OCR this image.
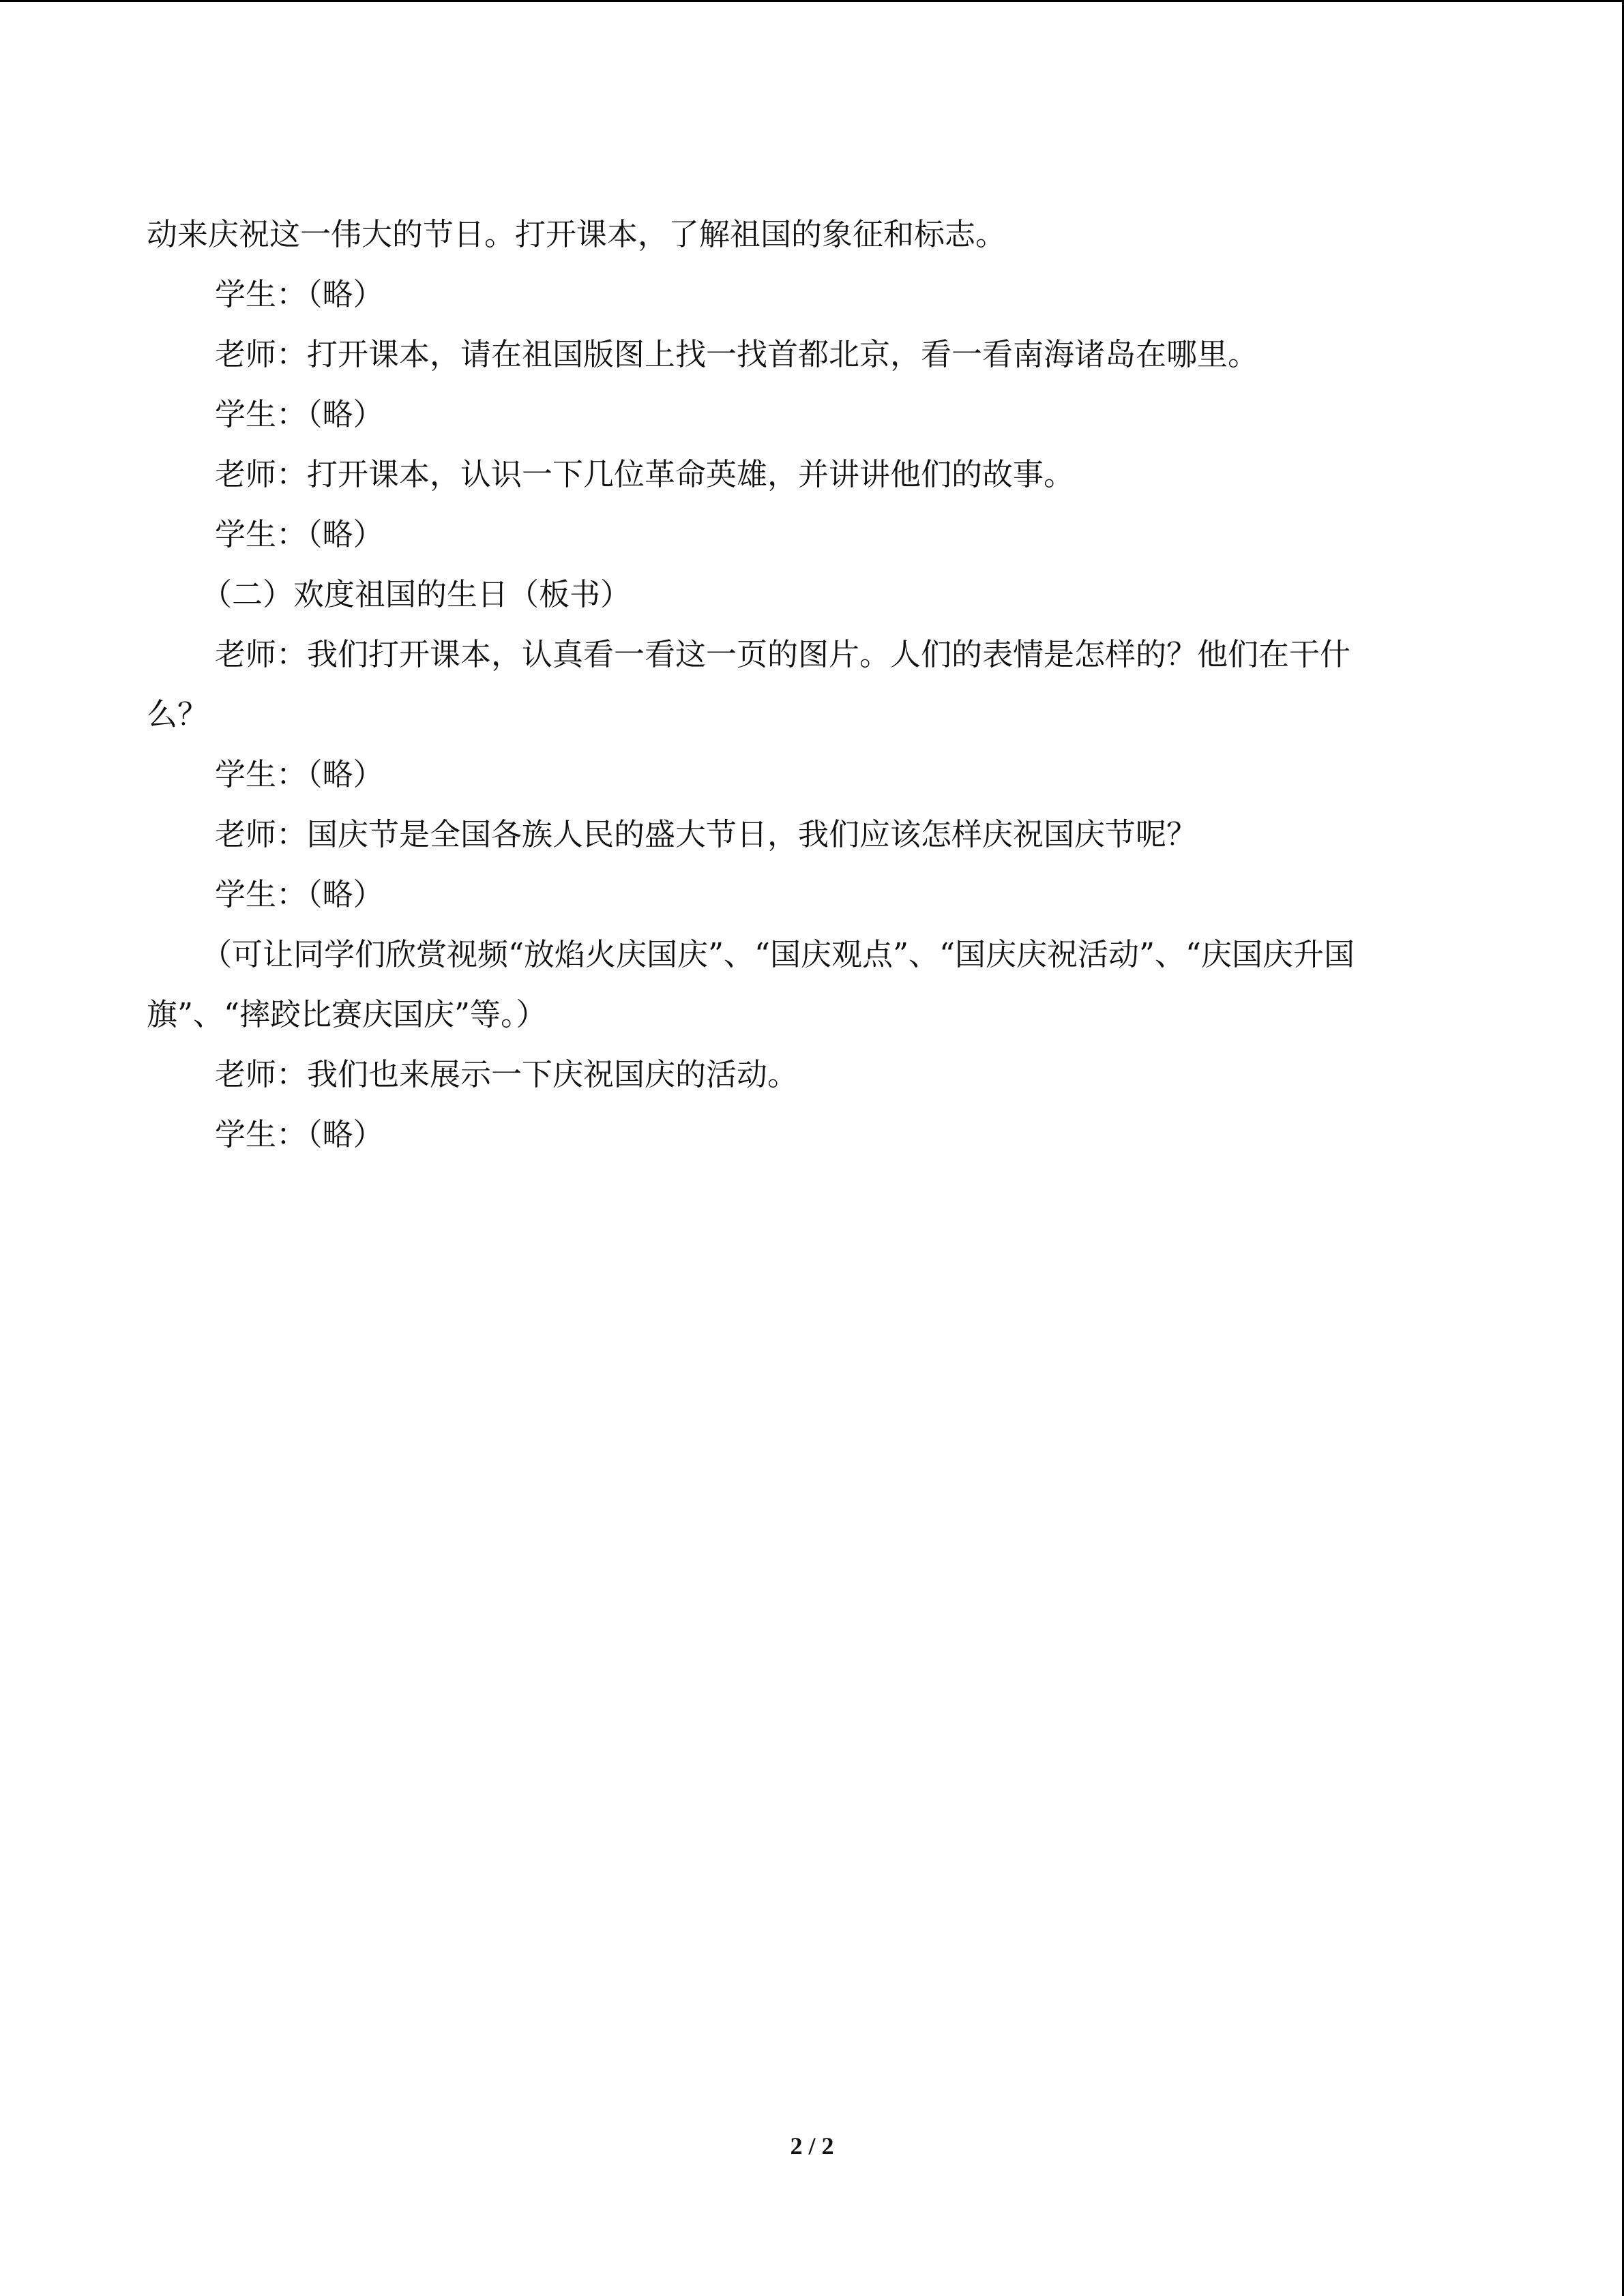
动来庆祝这一伟大的节日。打开课本，了解祖国的象征和标志。
学生：（略）
老师：打开课本，请在祖国版图上找一找首都北京，看一看南海诸岛在哪里。
学生：（略）
老师：打开课本，认识一下几位革命英雄，并讲讲他们的故事。
学生：（略）
（二）欢度祖国的生日（板书）
老师：我们打开课本，认真看一看这一页的图片。人们的表情是怎样的？他们在干什
么？
学生：（略）
老师：国庆节是全国各族人民的盛大节日，我们应该怎样庆祝国庆节呢？
学生：（略）
（可让同学们欣赏视频“放焰火庆国庆”、“国庆观点”、“国庆庆祝活动”、“庆国庆升国
旗”、“摔跤比赛庆国庆”等。）
老师：我们也来展示一下庆祝国庆的活动。
学生：（略）
2 / 2
